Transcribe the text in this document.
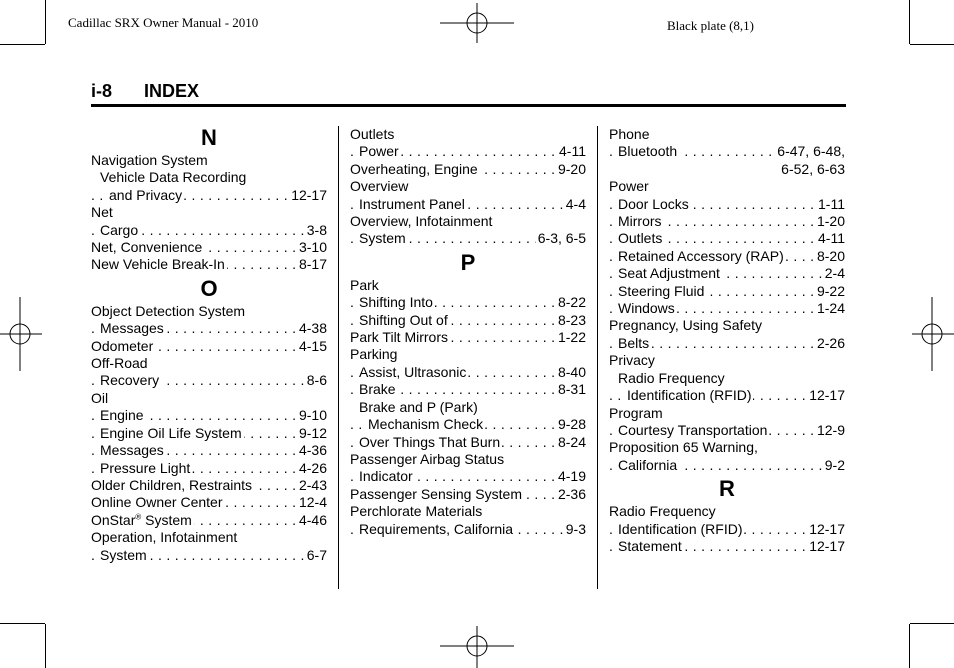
Cadillac SRX Owner Manual - 2010	Black plate (8,1)
i-8 INDEX
N
Navigation System
Vehicle Data Recording
and Privacy	12-17
. . .
Net
Cargo	3-8
. . .
Net, Convenience	3-10
. . .
New Vehicle Break-In	8-17
. . .
O
Object Detection System
Messages	4-38
. . .
Odometer	4-15
. . .
Off-Road
Recovery	8-6
. . .
Oil
Engine	9-10
. . .
Engine Oil Life System	9-12
. . .
Messages	4-36
. . .
Pressure Light	4-26
. . .
Older Children, Restraints	2-43
. . .
Online Owner Center	12-4
. . .
OnStar® System	4-46
. . .
Operation, Infotainment
System	6-7
. . .
Outlets
Power	4-11
. . .
Overheating, Engine	9-20
. . .
Overview
Instrument Panel	4-4
. . .
Overview, Infotainment
System	6-3, 6-5
. . .
P
Park
Shifting Into	8-22
. . .
Shifting Out of	8-23
. . .
Park Tilt Mirrors	1-22
. . .
Parking
Assist, Ultrasonic	8-40
. . .
Brake	8-31
. . .
Brake and P (Park)
Mechanism Check	9-28
. . .
Over Things That Burn	8-24
. . .
Passenger Airbag Status
Indicator	4-19
. . .
Passenger Sensing System	2-36
. . .
Perchlorate Materials
Requirements, California	9-3
. . .
Phone
Bluetooth	6-47, 6-48,
. . .
6-52, 6-63
Power
Door Locks	1-11
. . .
Mirrors	1-20
. . .
Outlets	4-11
. . .
Retained Accessory (RAP) 8-20
. . .
Seat Adjustment	2-4
. . .
Steering Fluid	9-22
. . .
Windows	1-24
. . .
Pregnancy, Using Safety
Belts	2-26
. . .
Privacy
Radio Frequency
Identification (RFID)	12-17
. . .
Program
Courtesy Transportation	12-9
. . .
Proposition 65 Warning,
California	9-2
. . .
R
Radio Frequency
Identification (RFID)	12-17
. . .
Statement	12-17
. . .
